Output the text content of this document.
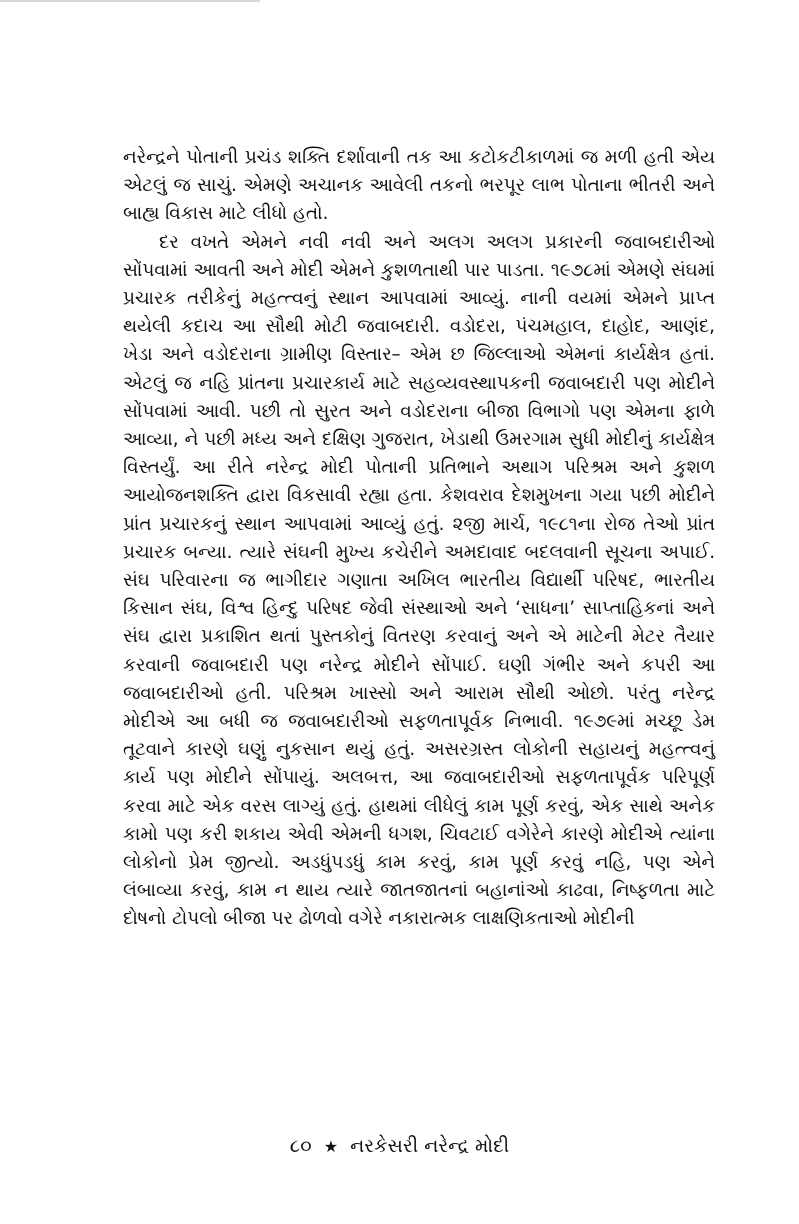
નરેન્દ્રને પોતાની પ્રચંડ શક્તિ દર્શાવાની તક આ કટોકટીકાળમાં જ મળી હતી એય એટલું જ સાચું. એમણે અચાનક આવેલી તકનો ભરપૂર લાભ પોતાના ભીતરી અને બાહ્ય વિકાસ માટે લીધો હતો.

દર વખતે એમને નવી નવી અને અલગ અલગ પ્રકારની જવાબદારીઓ સોંપવામાં આવતી અને મોદી એમને કુશળતાથી પાર પાડતા. ૧૯૭૮માં એમણે સંઘમાં પ્રચારક તરીકેનું મહત્ત્વનું સ્થાન આપવામાં આવ્યું. નાની વયમાં એમને પ્રાપ્ત થયેલી કદાચ આ સૌથી મોટી જવાબદારી. વડોદરા, પંચમહાલ, દાહોદ, આણંદ, ખેડા અને વડોદરાના ગ્રામીણ વિસ્તાર– એમ છ જિલ્લાઓ એમનાં કાર્યક્ષેત્ર હતાં. એટલું જ નહિ પ્રાંતના પ્રચારકાર્ય માટે સહવ્યવસ્થાપકની જવાબદારી પણ મોદીને સોંપવામાં આવી. પછી તો સુરત અને વડોદરાના બીજા વિભાગો પણ એમના ફાળે આવ્યા, ને પછી મધ્ય અને દક્ષિણ ગુજરાત, ખેડાથી ઉમરગામ સુધી મોદીનું કાર્યક્ષેત્ર વિસ્તર્યું. આ રીતે નરેન્દ્ર મોદી પોતાની પ્રતિભાને અથાગ પરિશ્રમ અને કુશળ આયોજનશક્તિ દ્વારા વિકસાવી રહ્યા હતા. કેશવરાવ દેશમુખના ગયા પછી મોદીને પ્રાંત પ્રચારકનું સ્થાન આપવામાં આવ્યું હતું. ૨જી માર્ચ, ૧૯૮૧ના રોજ તેઓ પ્રાંત પ્રચારક બન્યા. ત્યારે સંઘની મુખ્ય કચેરીને અમદાવાદ બદલવાની સૂચના અપાઈ. સંઘ પરિવારના જ ભાગીદાર ગણાતા અખિલ ભારતીય વિદ્યાર્થી પરિષદ, ભારતીય કિસાન સંઘ, વિશ્વ હિન્દુ પરિષદ જેવી સંસ્થાઓ અને ‘સાધના’ સાપ્તાહિકનાં અને સંઘ દ્વારા પ્રકાશિત થતાં પુસ્તકોનું વિતરણ કરવાનું અને એ માટેની મેટર તૈયાર કરવાની જવાબદારી પણ નરેન્દ્ર મોદીને સોંપાઈ. ઘણી ગંભીર અને કપરી આ જવાબદારીઓ હતી. પરિશ્રમ ખાસ્સો અને આરામ સૌથી ઓછો. પરંતુ નરેન્દ્ર મોદીએ આ બધી જ જવાબદારીઓ સફળતાપૂર્વક નિભાવી. ૧૯૭૯માં મચ્છૂ ડેમ તૂટવાને કારણે ઘણું નુકસાન થયું હતું. અસરગ્રસ્ત લોકોની સહાયનું મહત્ત્વનું કાર્ય પણ મોદીને સોંપાયું. અલબત્ત, આ જવાબદારીઓ સફળતાપૂર્વક પરિપૂર્ણ કરવા માટે એક વરસ લાગ્યું હતું. હાથમાં લીધેલું કામ પૂર્ણ કરવું, એક સાથે અનેક કામો પણ કરી શકાય એવી એમની ધગશ, ચિવટાઈ વગેરેને કારણે મોદીએ ત્યાંના લોકોનો પ્રેમ જીત્યો. અડધુંપડધું કામ કરવું, કામ પૂર્ણ કરવું નહિ, પણ એને લંબાવ્યા કરવું, કામ ન થાય ત્યારે જાતજાતનાં બહાનાંઓ કાઢવા, નિષ્ફળતા માટે દોષનો ટોપલો બીજા પર ઢોળવો વગેરે નકારાત્મક લાક્ષણિકતાઓ મોદીની

૮૦ ★ નરકેસરી નરેન્દ્ર મોદી
